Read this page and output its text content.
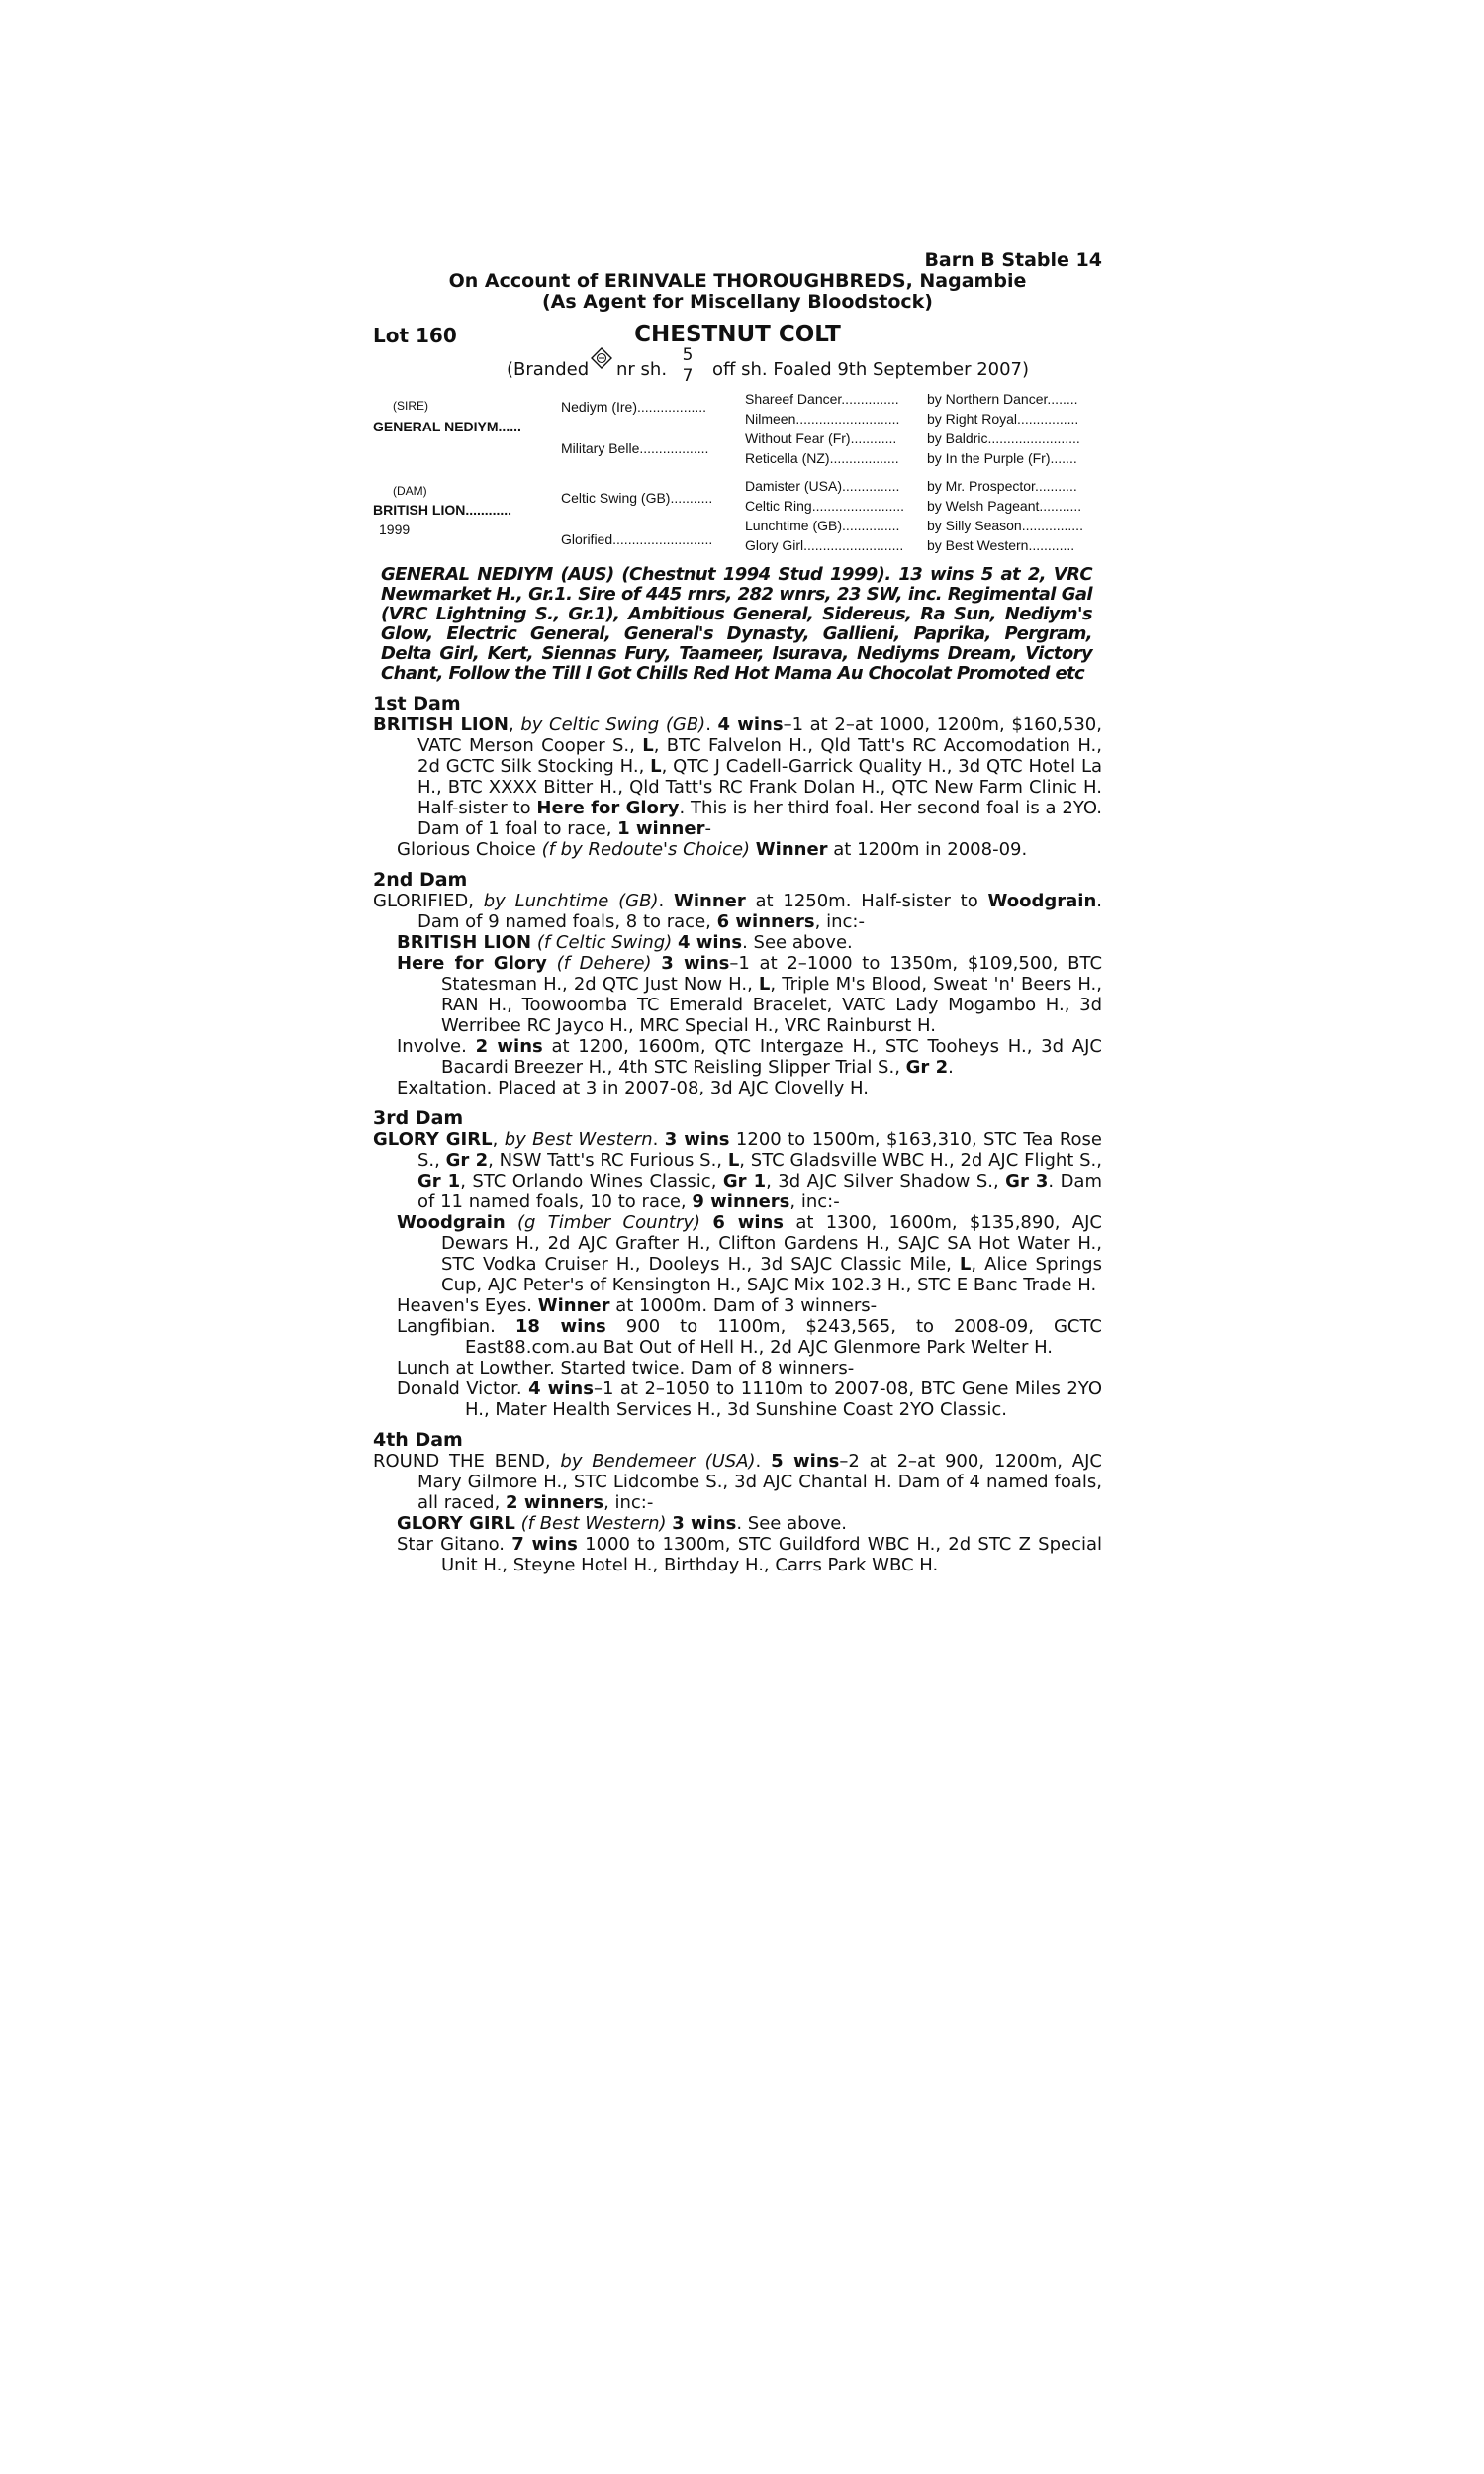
Barn B Stable 14
On Account of ERINVALE THOROUGHBREDS, Nagambie
(As Agent for Miscellany Bloodstock)
Lot 160	CHESTNUT COLT
(Branded nr sh.
5
7 off sh. Foaled 9th September 2007)
(SIRE)
GENERAL NEDIYM......
(DAM)
BRITISH LION............
1999
Nediym (Ire)..................
Military Belle..................
Celtic Swing (GB)...........
Glorified..........................
Shareef Dancer...............
Nilmeen...........................
Without Fear (Fr)............
Reticella (NZ)..................
Damister (USA)...............
Celtic Ring........................
Lunchtime (GB)...............
Glory Girl..........................
by Northern Dancer........
by Right Royal................
by Baldric........................
by In the Purple (Fr).......
by Mr. Prospector...........
by Welsh Pageant...........
by Silly Season................
by Best Western............
GENERAL NEDIYM (AUS) (Chestnut 1994 Stud 1999). 13 wins 5 at 2, VRC Newmarket H., Gr.1. Sire of 445 rnrs, 282 wnrs, 23 SW, inc. Regimental Gal (VRC Lightning S., Gr.1), Ambitious General, Sidereus, Ra Sun, Nediym's Glow, Electric General, General's Dynasty, Gallieni, Paprika, Pergram, Delta Girl, Kert, Siennas Fury, Taameer, Isurava, Nediyms Dream, Victory Chant, Follow the Till I Got Chills Red Hot Mama Au Chocolat Promoted etc
1st Dam

BRITISH LION, by Celtic Swing (GB). 4 wins–1 at 2–at 1000, 1200m, $160,530, VATC Merson Cooper S., L, BTC Falvelon H., Qld Tatt's RC Accomodation H., 2d GCTC Silk Stocking H., L, QTC J Cadell-Garrick Quality H., 3d QTC Hotel La H., BTC XXXX Bitter H., Qld Tatt's RC Frank Dolan H., QTC New Farm Clinic H. Half-sister to Here for Glory. This is her third foal. Her second foal is a 2YO. Dam of 1 foal to race, 1 winner-

Glorious Choice (f by Redoute's Choice) Winner at 1200m in 2008-09.

2nd Dam

GLORIFIED, by Lunchtime (GB). Winner at 1250m. Half-sister to Woodgrain. Dam of 9 named foals, 8 to race, 6 winners, inc:-

BRITISH LION (f Celtic Swing) 4 wins. See above.

Here for Glory (f Dehere) 3 wins–1 at 2–1000 to 1350m, $109,500, BTC Statesman H., 2d QTC Just Now H., L, Triple M's Blood, Sweat 'n' Beers H., RAN H., Toowoomba TC Emerald Bracelet, VATC Lady Mogambo H., 3d Werribee RC Jayco H., MRC Special H., VRC Rainburst H.

Involve. 2 wins at 1200, 1600m, QTC Intergaze H., STC Tooheys H., 3d AJC Bacardi Breezer H., 4th STC Reisling Slipper Trial S., Gr 2.

Exaltation. Placed at 3 in 2007-08, 3d AJC Clovelly H.

3rd Dam

GLORY GIRL, by Best Western. 3 wins 1200 to 1500m, $163,310, STC Tea Rose S., Gr 2, NSW Tatt's RC Furious S., L, STC Gladsville WBC H., 2d AJC Flight S., Gr 1, STC Orlando Wines Classic, Gr 1, 3d AJC Silver Shadow S., Gr 3. Dam of 11 named foals, 10 to race, 9 winners, inc:-

Woodgrain (g Timber Country) 6 wins at 1300, 1600m, $135,890, AJC Dewars H., 2d AJC Grafter H., Clifton Gardens H., SAJC SA Hot Water H., STC Vodka Cruiser H., Dooleys H., 3d SAJC Classic Mile, L, Alice Springs Cup, AJC Peter's of Kensington H., SAJC Mix 102.3 H., STC E Banc Trade H.

Heaven's Eyes. Winner at 1000m. Dam of 3 winners-

Langfibian. 18 wins 900 to 1100m, $243,565, to 2008-09, GCTC East88.com.au Bat Out of Hell H., 2d AJC Glenmore Park Welter H.

Lunch at Lowther. Started twice. Dam of 8 winners-

Donald Victor. 4 wins–1 at 2–1050 to 1110m to 2007-08, BTC Gene Miles 2YO H., Mater Health Services H., 3d Sunshine Coast 2YO Classic.

4th Dam

ROUND THE BEND, by Bendemeer (USA). 5 wins–2 at 2–at 900, 1200m, AJC Mary Gilmore H., STC Lidcombe S., 3d AJC Chantal H. Dam of 4 named foals, all raced, 2 winners, inc:-

GLORY GIRL (f Best Western) 3 wins. See above.

Star Gitano. 7 wins 1000 to 1300m, STC Guildford WBC H., 2d STC Z Special Unit H., Steyne Hotel H., Birthday H., Carrs Park WBC H.
